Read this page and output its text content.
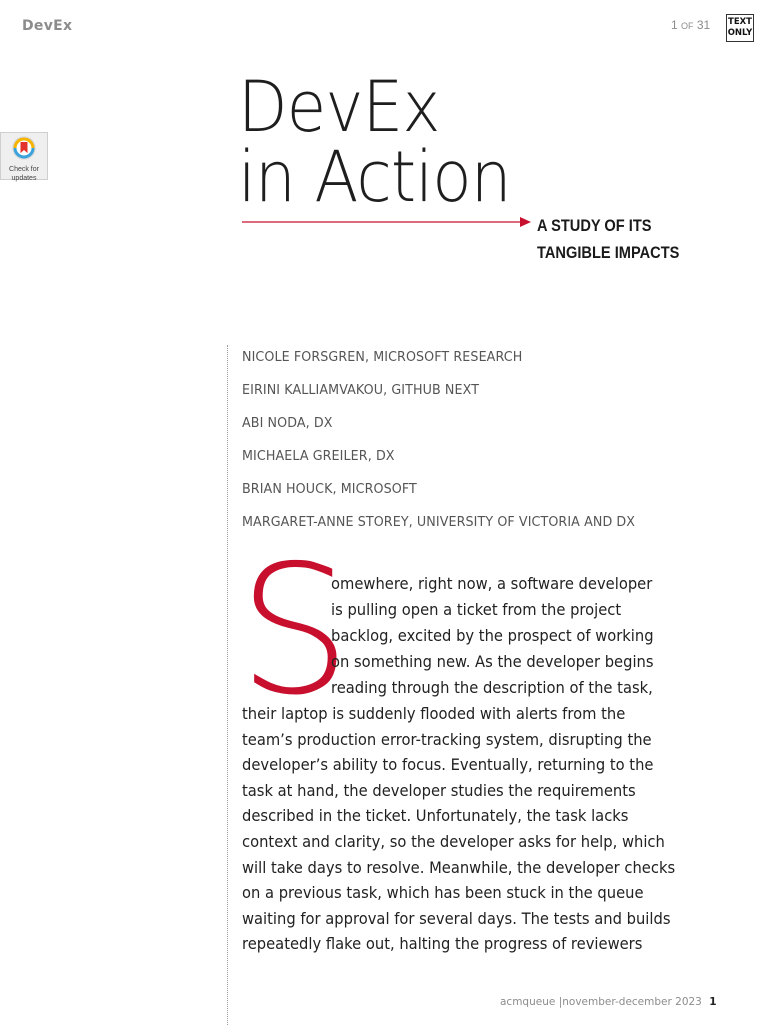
DevEx	1 OF 31 TEXT
ONLY
Check for
updates
DevEx
in Action
A STUDY OF ITS
TANGIBLE IMPACTS
NICOLE FORSGREN, MICROSOFT RESEARCH
EIRINI KALLIAMVAKOU, GITHUB NEXT
ABI NODA, DX
MICHAELA GREILER, DX
BRIAN HOUCK, MICROSOFT
MARGARET-ANNE STOREY, UNIVERSITY OF VICTORIA AND DX
S
omewhere, right now, a software developer
is pulling open a ticket from the project
backlog, excited by the prospect of working
on something new. As the developer begins
reading through the description of the task,
their laptop is suddenly flooded with alerts from the
team’s production error-tracking system, disrupting the
developer’s ability to focus. Eventually, returning to the
task at hand, the developer studies the requirements
described in the ticket. Unfortunately, the task lacks
context and clarity, so the developer asks for help, which
will take days to resolve. Meanwhile, the developer checks
on a previous task, which has been stuck in the queue
waiting for approval for several days. The tests and builds
repeatedly flake out, halting the progress of reviewers
acmqueue |november-december 2023 1
